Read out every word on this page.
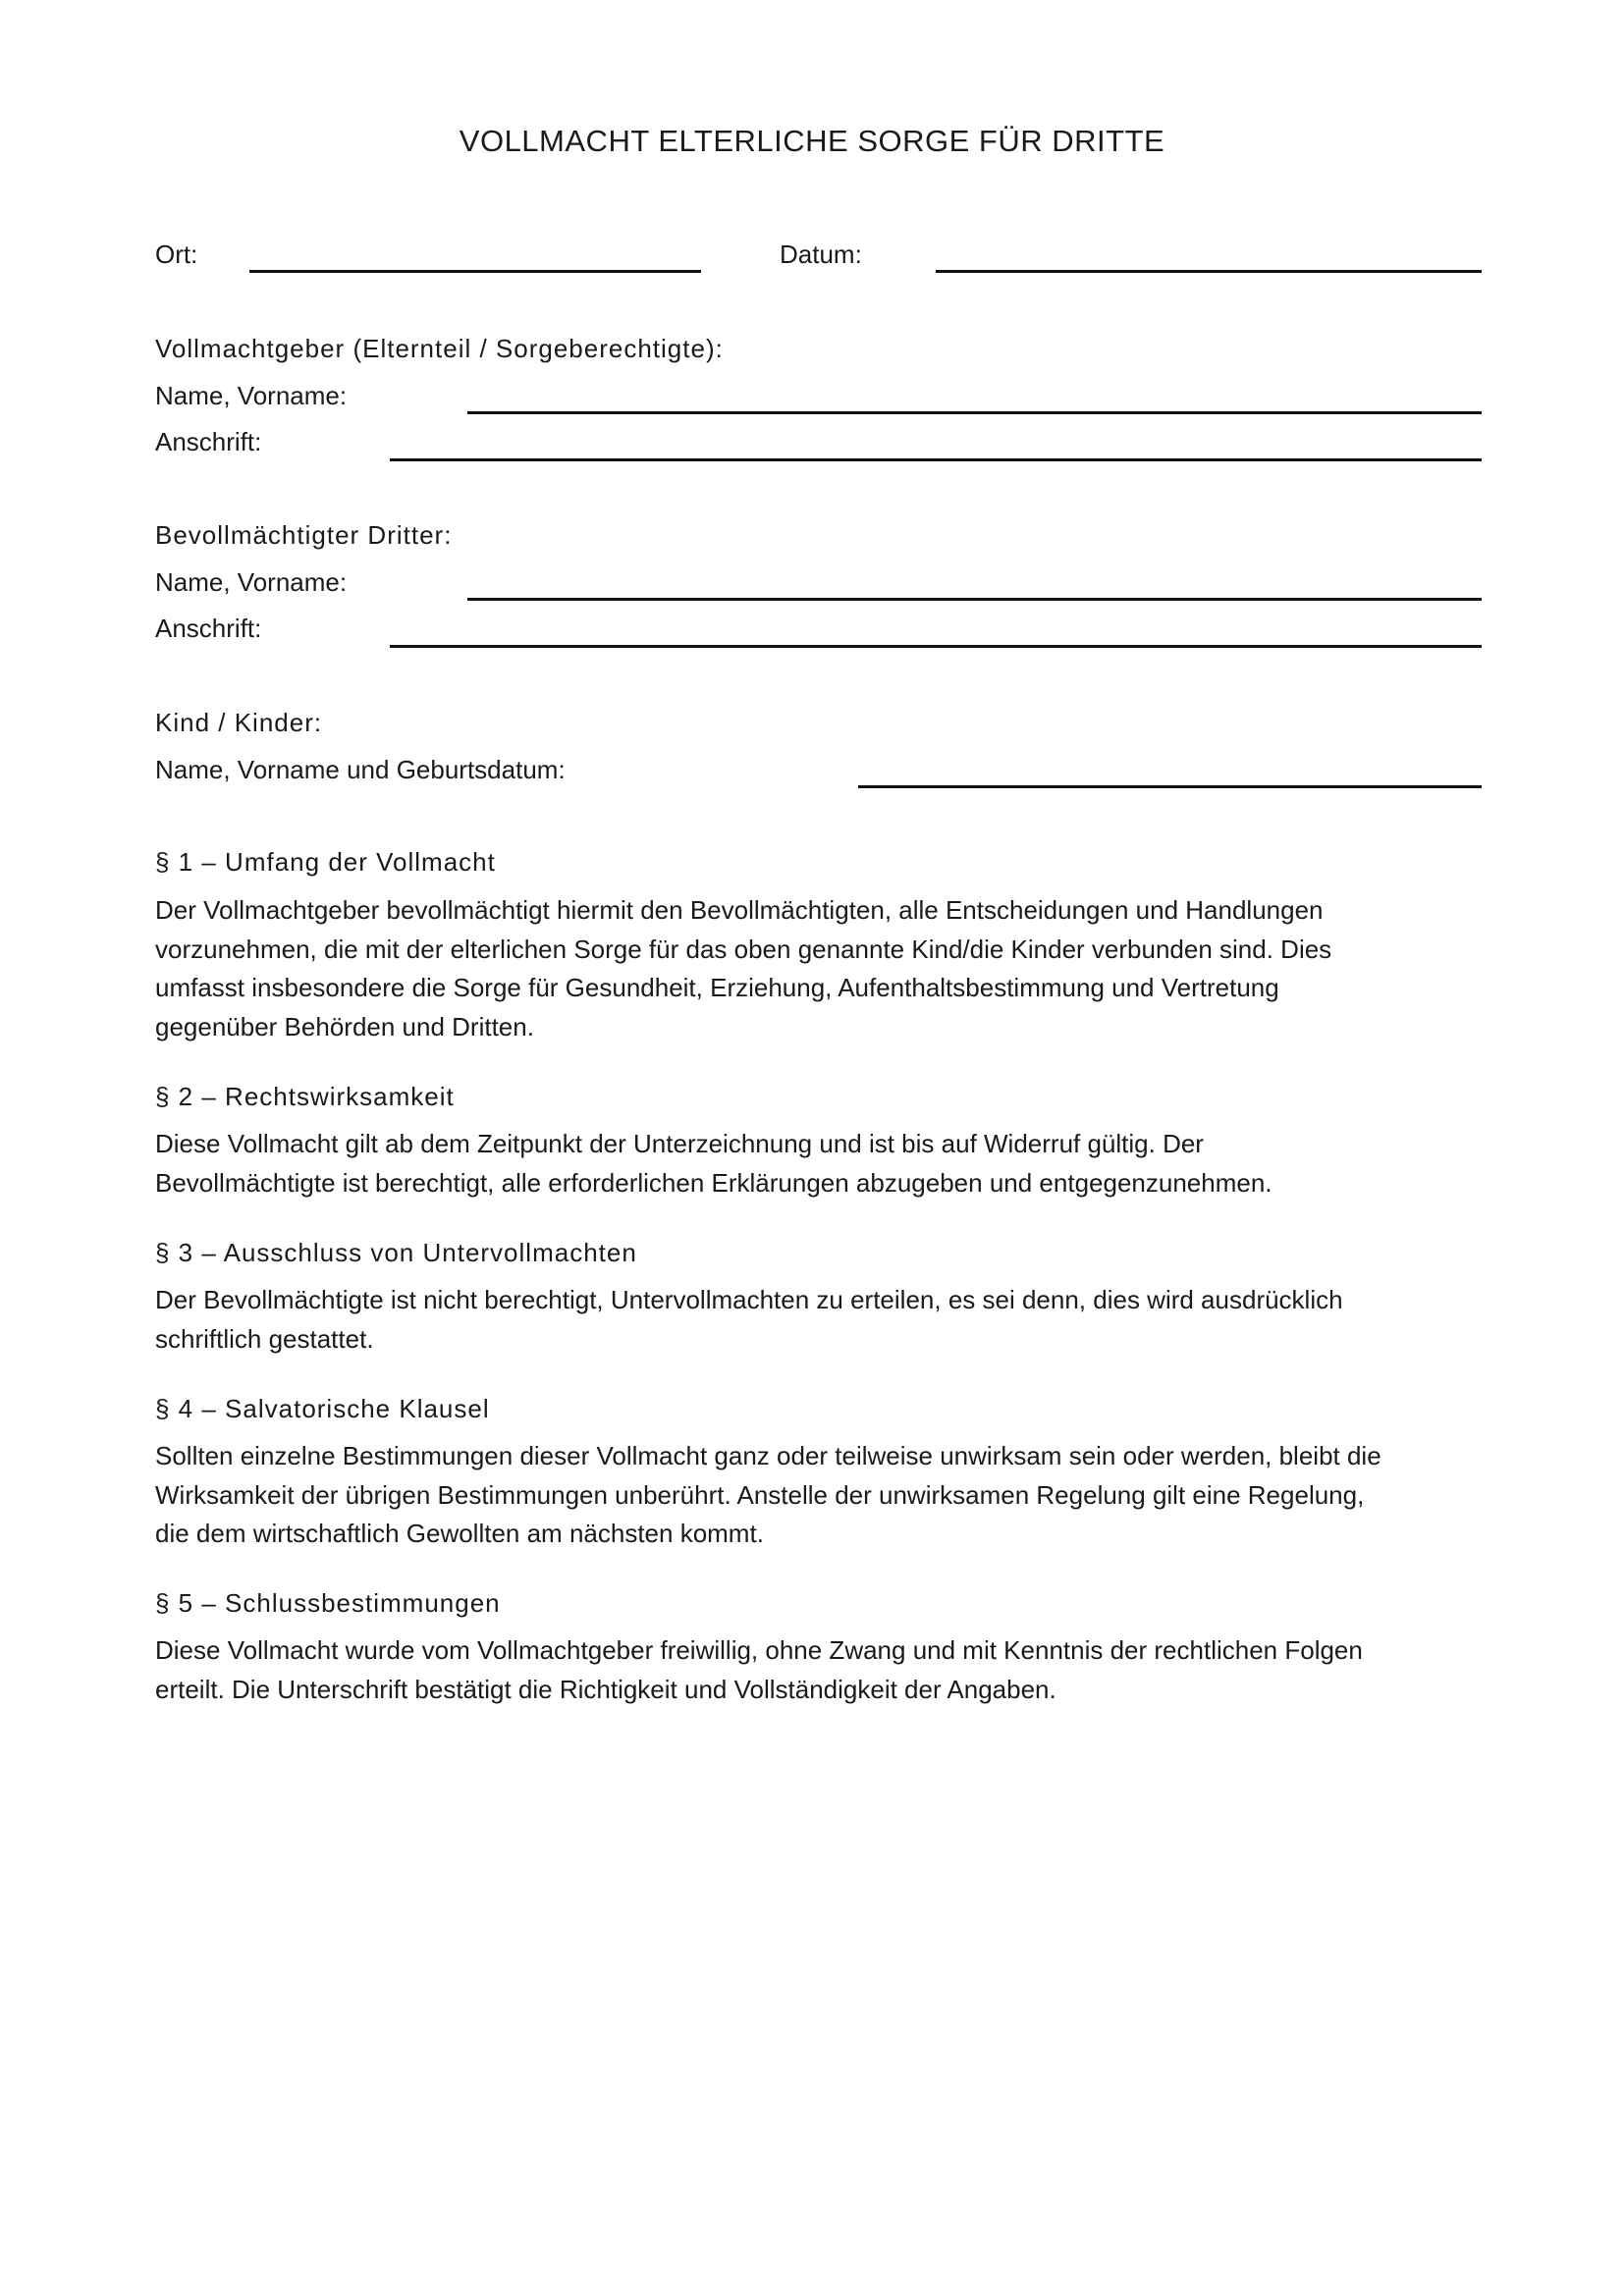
VOLLMACHT ELTERLICHE SORGE FÜR DRITTE
Ort:	Datum:
Vollmachtgeber (Elternteil / Sorgeberechtigte):
Name, Vorname:
Anschrift:
Bevollmächtigter Dritter:
Name, Vorname:
Anschrift:
Kind / Kinder:
Name, Vorname und Geburtsdatum:
§ 1 – Umfang der Vollmacht

Der Vollmachtgeber bevollmächtigt hiermit den Bevollmächtigten, alle Entscheidungen und Handlungen

vorzunehmen, die mit der elterlichen Sorge für das oben genannte Kind/die Kinder verbunden sind. Dies

umfasst insbesondere die Sorge für Gesundheit, Erziehung, Aufenthaltsbestimmung und Vertretung

gegenüber Behörden und Dritten.

§ 2 – Rechtswirksamkeit

Diese Vollmacht gilt ab dem Zeitpunkt der Unterzeichnung und ist bis auf Widerruf gültig. Der

Bevollmächtigte ist berechtigt, alle erforderlichen Erklärungen abzugeben und entgegenzunehmen.

§ 3 – Ausschluss von Untervollmachten

Der Bevollmächtigte ist nicht berechtigt, Untervollmachten zu erteilen, es sei denn, dies wird ausdrücklich

schriftlich gestattet.

§ 4 – Salvatorische Klausel

Sollten einzelne Bestimmungen dieser Vollmacht ganz oder teilweise unwirksam sein oder werden, bleibt die

Wirksamkeit der übrigen Bestimmungen unberührt. Anstelle der unwirksamen Regelung gilt eine Regelung,

die dem wirtschaftlich Gewollten am nächsten kommt.

§ 5 – Schlussbestimmungen

Diese Vollmacht wurde vom Vollmachtgeber freiwillig, ohne Zwang und mit Kenntnis der rechtlichen Folgen

erteilt. Die Unterschrift bestätigt die Richtigkeit und Vollständigkeit der Angaben.
